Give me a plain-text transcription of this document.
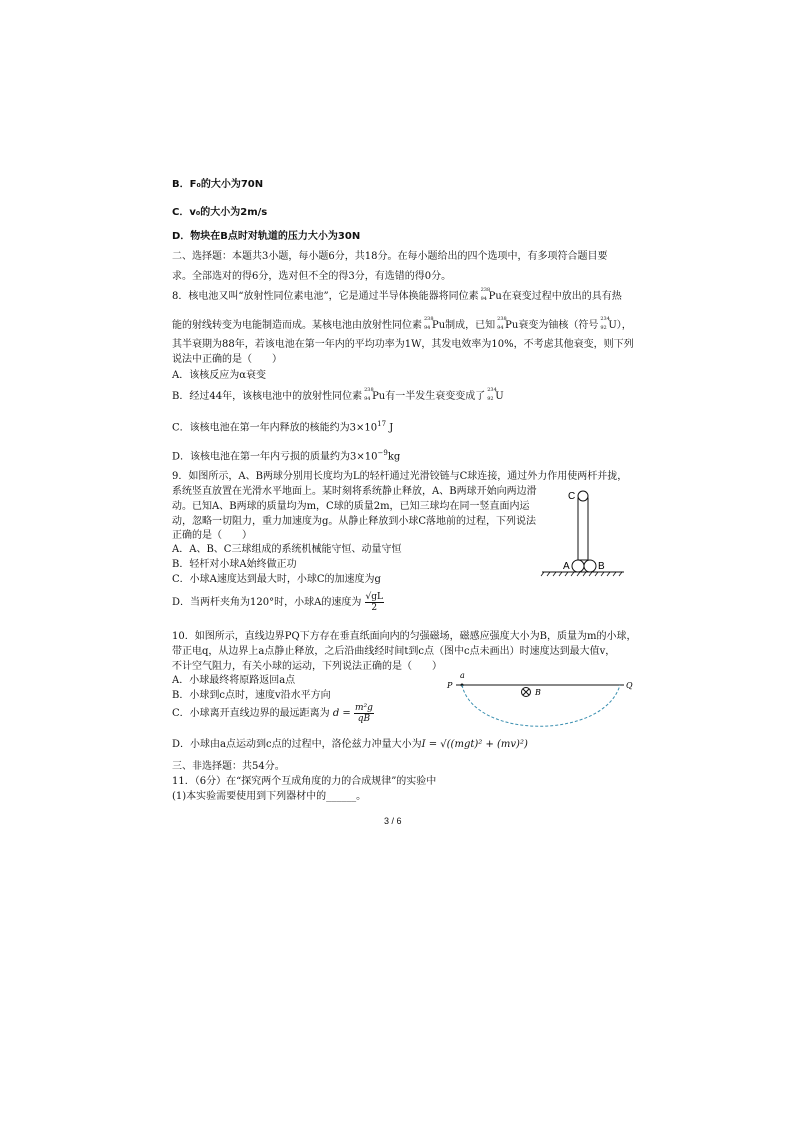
B．F₀的大小为70N
C．v₀的大小为2m/s
D．物块在B点时对轨道的压力大小为30N
二、选择题：本题共3小题，每小题6分，共18分。在每小题给出的四个选项中，有多项符合题目要
求。全部选对的得6分，选对但不全的得3分，有选错的得0分。
8．核电池又叫“放射性同位素电池”，它是通过半导体换能器将同位素
238
94 Pu在衰变过程中放出的具有热
能的射线转变为电能制造而成。某核电池由放射性同位素
238
94 Pu制成，已知
238
94 Pu衰变为铀核（符号
234
92 U），
其半衰期为88年，若该电池在第一年内的平均功率为1W，其发电效率为10%，不考虑其他衰变，则下列
说法中正确的是（　　）
A．该核反应为α衰变
B．经过44年，该核电池中的放射性同位素
238
94 Pu有一半发生衰变变成了
234
92 U
C．该核电池在第一年内释放的核能约为$3\times 10^{17}$ J
D．该核电池在第一年内亏损的质量约为$3\times 10^{-9}kg$
9．如图所示，A、B两球分别用长度均为L的轻杆通过光滑铰链与C球连接，通过外力作用使两杆并拢，
系统竖直放置在光滑水平地面上。某时刻将系统静止释放，A、B两球开始向两边滑
动。已知A、B两球的质量均为m，C球的质量2m，已知三球均在同一竖直面内运
动，忽略一切阻力，重力加速度为g。从静止释放到小球C落地前的过程，下列说法
正确的是（　　）
A．A、B、C三球组成的系统机械能守恒、动量守恒
B．轻杆对小球A始终做正功
C．小球A速度达到最大时，小球C的加速度为g
D．当两杆夹角为120°时，小球A的速度为 $\frac{√gL}{2}$
C
A	B
10．如图所示，直线边界PQ下方存在垂直纸面向内的匀强磁场，磁感应强度大小为B，质量为m的小球，
带正电q，从边界上a点静止释放，之后沿曲线经时间t到c点（图中c点未画出）时速度达到最大值v，
不计空气阻力，有关小球的运动，下列说法正确的是（　　）
A．小球最终将原路返回a点
B．小球到c点时，速度v沿水平方向
C．小球离开直线边界的最远距离为 $d = \frac{\text{m²g}}{qB}$
D．小球由a点运动到c点的过程中，洛伦兹力冲量大小为I = √((mgt)² + (mv)²)
P	Q
a
B
三、非选择题：共54分。
11．（6分）在“探究两个互成角度的力的合成规律”的实验中
(1)本实验需要使用到下列器材中的______。
3 / 6
